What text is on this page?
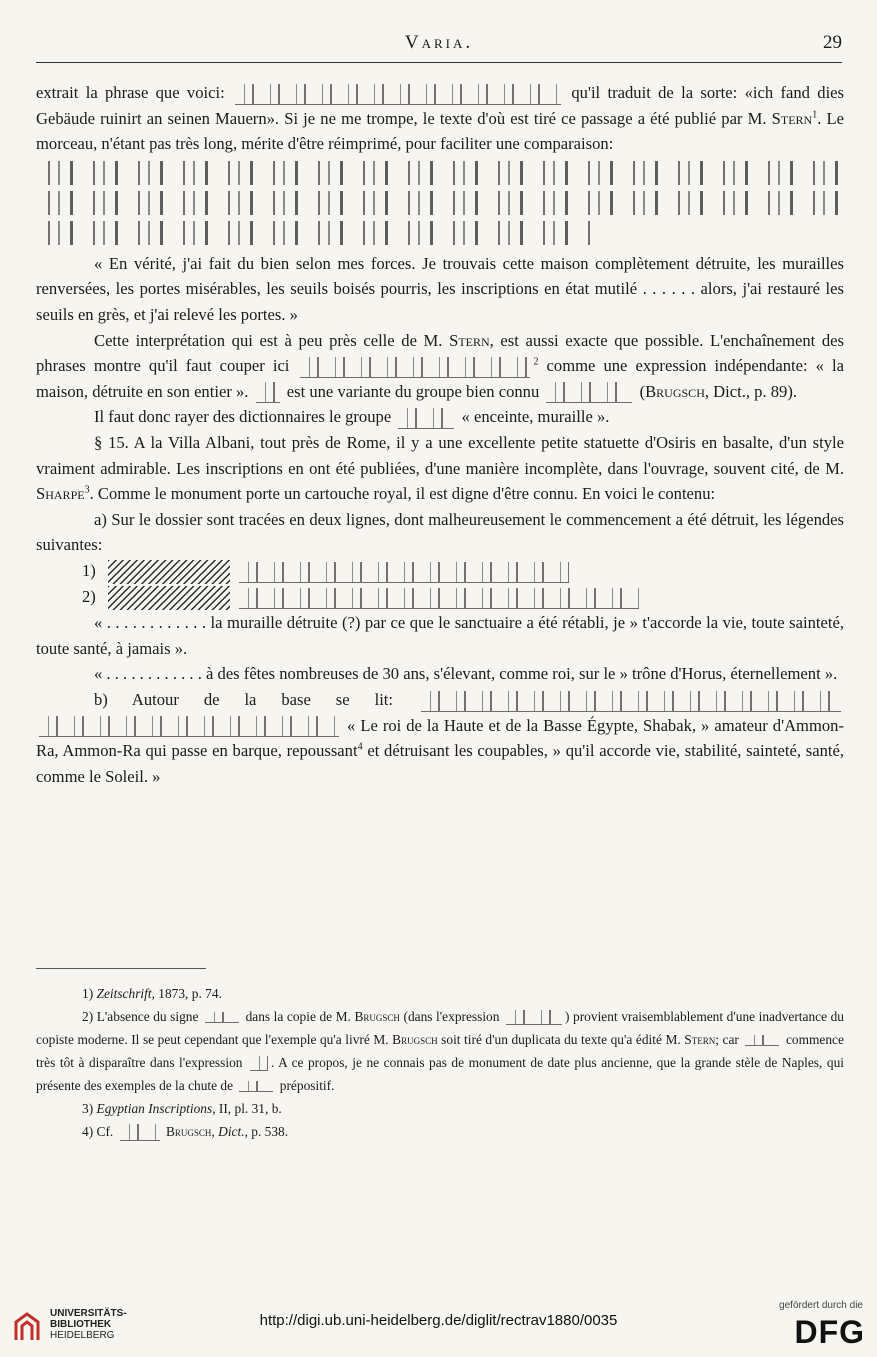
Varia.	29

extrait la phrase que voici:	qu'il traduit de la sorte: «ich fand dies Gebäude ruinirt an seinen Mauern». Si je ne me trompe, le texte d'où est tiré ce passage a été publié par M. Stern$^1$. Le morceau, n'étant pas très long, mérite d'être réimprimé, pour faciliter une comparaison:

« En vérité, j'ai fait du bien selon mes forces. Je trouvais cette maison complètement détruite, les murailles renversées, les portes misérables, les seuils boisés pourris, les inscriptions en état mutilé . . . . . . alors, j'ai restauré les seuils en grès, et j'ai relevé les portes. »

Cette interprétation qui est à peu près celle de M. Stern, est aussi exacte que possible. L'enchaînement des phrases montre qu'il faut couper ici	$^2$ comme une expression indépendante: « la maison, détruite en son entier ». est une variante du groupe bien connu	(Brugsch, Dict., p. 89).

Il faut donc rayer des dictionnaires le groupe	« enceinte, muraille ».

§ 15. A la Villa Albani, tout près de Rome, il y a une excellente petite statuette d'Osiris en basalte, d'un style vraiment admirable. Les inscriptions en ont été publiées, d'une manière incomplète, dans l'ouvrage, souvent cité, de M. Sharpe$^3$. Comme le monument porte un cartouche royal, il est digne d'être connu. En voici le contenu:

a) Sur le dossier sont tracées en deux lignes, dont malheureusement le commencement a été détruit, les légendes suivantes:

1)
2)

« . . . . . . . . . . . . la muraille détruite (?) par ce que le sanctuaire a été rétabli, je » t'accorde la vie, toute sainteté, toute santé, à jamais ».

« . . . . . . . . . . . . à des fêtes nombreuses de 30 ans, s'élevant, comme roi, sur le » trône d'Horus, éternellement ».

b) Autour de la base se lit:   « Le roi de la Haute et de la Basse Égypte, Shabak, » amateur d'Ammon-Ra, Ammon-Ra qui passe en barque, repoussant$^4$ et détruisant les coupables, » qu'il accorde vie, stabilité, sainteté, santé, comme le Soleil. »

1) Zeitschrift, 1873, p. 74.

2) L'absence du signe	dans la copie de M. Brugsch (dans l'expression	) provient vraisemblablement d'une inadvertance du copiste moderne. Il se peut cependant que l'exemple qu'a livré M. Brugsch soit tiré d'un duplicata du texte qu'a édité M. Stern; car	commence très tôt à disparaître dans l'expression . A ce propos, je ne connais pas de monument de date plus ancienne, que la grande stèle de Naples, qui présente des exemples de la chute de	prépositif.

3) Egyptian Inscriptions, II, pl. 31, b.

4) Cf.	Brugsch, Dict., p. 538.

UNIVERSITÄTS-
BIBLIOTHEK
HEIDELBERG
http://digi.ub.uni-heidelberg.de/diglit/rectrav1880/0035
gefördert durch die
DFG
